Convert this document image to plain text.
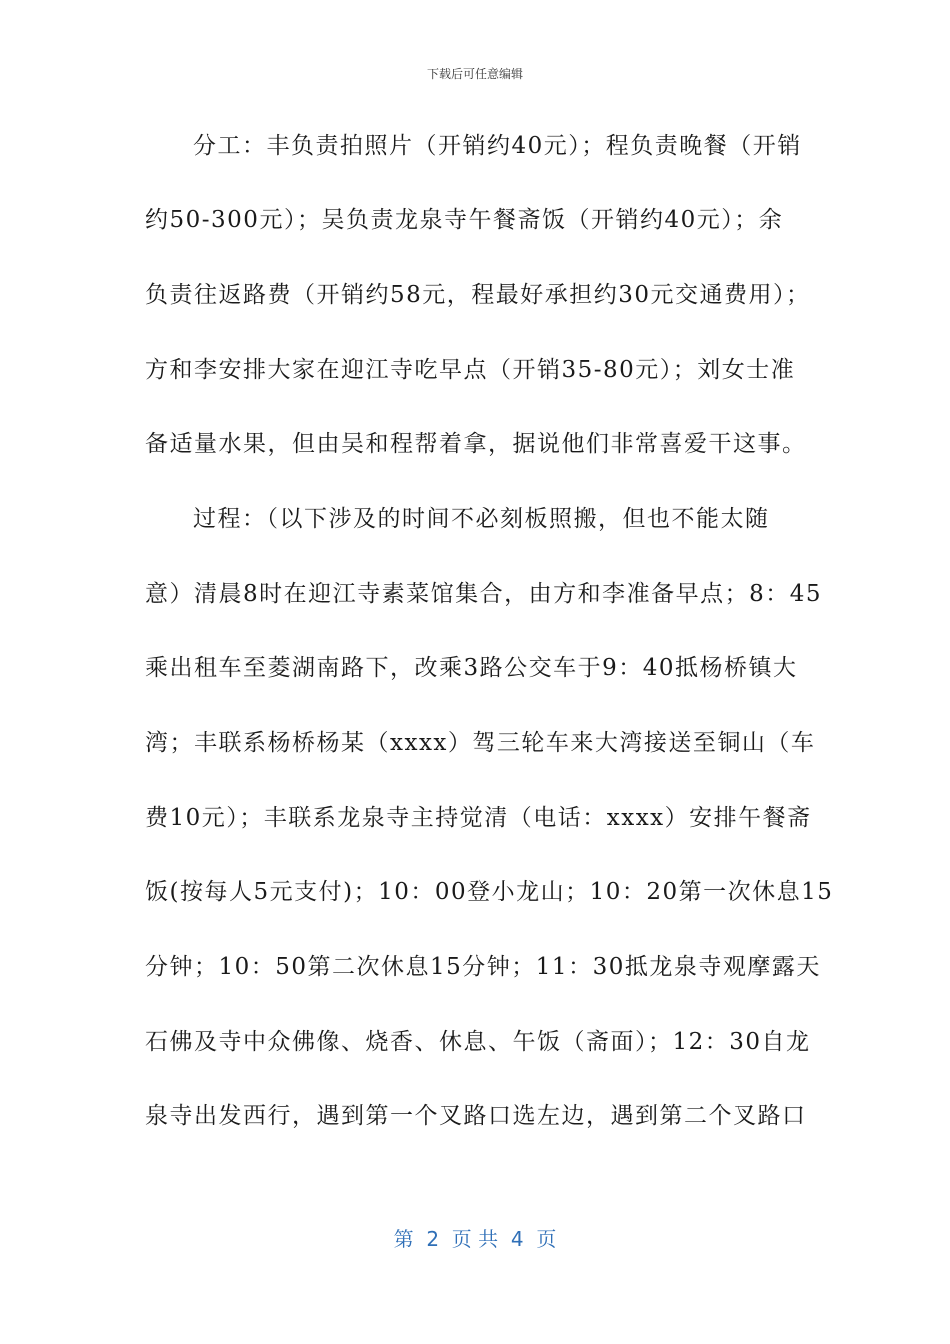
下载后可任意编辑
分工：丰负责拍照片（开销约40元）；程负责晚餐（开销
约50-300元）；吴负责龙泉寺午餐斋饭（开销约40元）；余
负责往返路费（开销约58元，程最好承担约30元交通费用）；
方和李安排大家在迎江寺吃早点（开销35-80元）；刘女士准
备适量水果，但由吴和程帮着拿，据说他们非常喜爱干这事。
过程：（以下涉及的时间不必刻板照搬，但也不能太随
意）清晨8时在迎江寺素菜馆集合，由方和李准备早点；8：45
乘出租车至菱湖南路下，改乘3路公交车于9：40抵杨桥镇大
湾；丰联系杨桥杨某（xxxx）驾三轮车来大湾接送至铜山（车
费10元）；丰联系龙泉寺主持觉清（电话：xxxx）安排午餐斋
饭(按每人5元支付)；10：00登小龙山；10：20第一次休息15
分钟；10：50第二次休息15分钟；11：30抵龙泉寺观摩露天
石佛及寺中众佛像、烧香、休息、午饭（斋面）；12：30自龙
泉寺出发西行，遇到第一个叉路口选左边，遇到第二个叉路口
第  2  页 共  4  页
